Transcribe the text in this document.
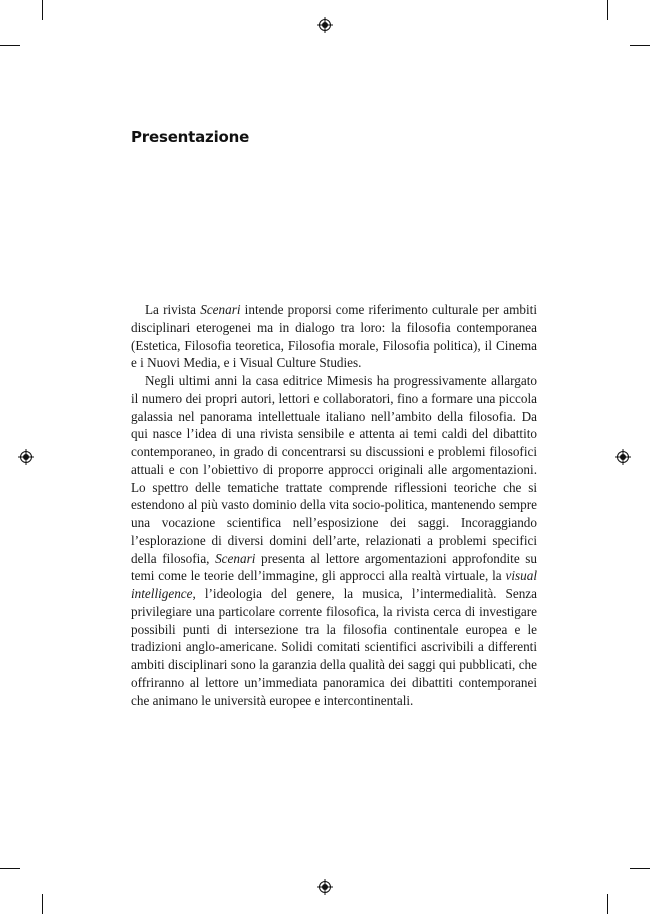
Presentazione

La rivista Scenari intende proporsi come riferimento culturale per ambiti disciplinari eterogenei ma in dialogo tra loro: la filosofia contemporanea (Estetica, Filosofia teoretica, Filosofia morale, Filosofia politica), il Cinema e i Nuovi Media, e i Visual Culture Studies.

Negli ultimi anni la casa editrice Mimesis ha progressivamente allargato il numero dei propri autori, lettori e collaboratori, fino a formare una piccola galassia nel panorama intellettuale italiano nell’ambito della filosofia. Da qui nasce l’idea di una rivista sensibile e attenta ai temi caldi del dibattito contemporaneo, in grado di concentrarsi su discussioni e problemi filosofici attuali e con l’obiettivo di proporre approcci originali alle argomentazioni. Lo spettro delle tematiche trattate comprende riflessioni teoriche che si estendono al più vasto dominio della vita socio-politica, mantenendo sempre una vocazione scientifica nell’esposizione dei saggi. Incoraggiando l’esplorazione di diversi domini dell’arte, relazionati a problemi specifici della filosofia, Scenari presenta al lettore argomentazioni approfondite su temi come le teorie dell’immagine, gli approcci alla realtà virtuale, la visual intelligence, l’ideologia del genere, la musica, l’intermedialità. Senza privilegiare una particolare corrente filosofica, la rivista cerca di investigare possibili punti di intersezione tra la filosofia continentale europea e le tradizioni anglo-americane. Solidi comitati scientifici ascrivibili a differenti ambiti disciplinari sono la garanzia della qualità dei saggi qui pubblicati, che offriranno al lettore un’immediata panoramica dei dibattiti contemporanei che animano le università europee e intercontinentali.
